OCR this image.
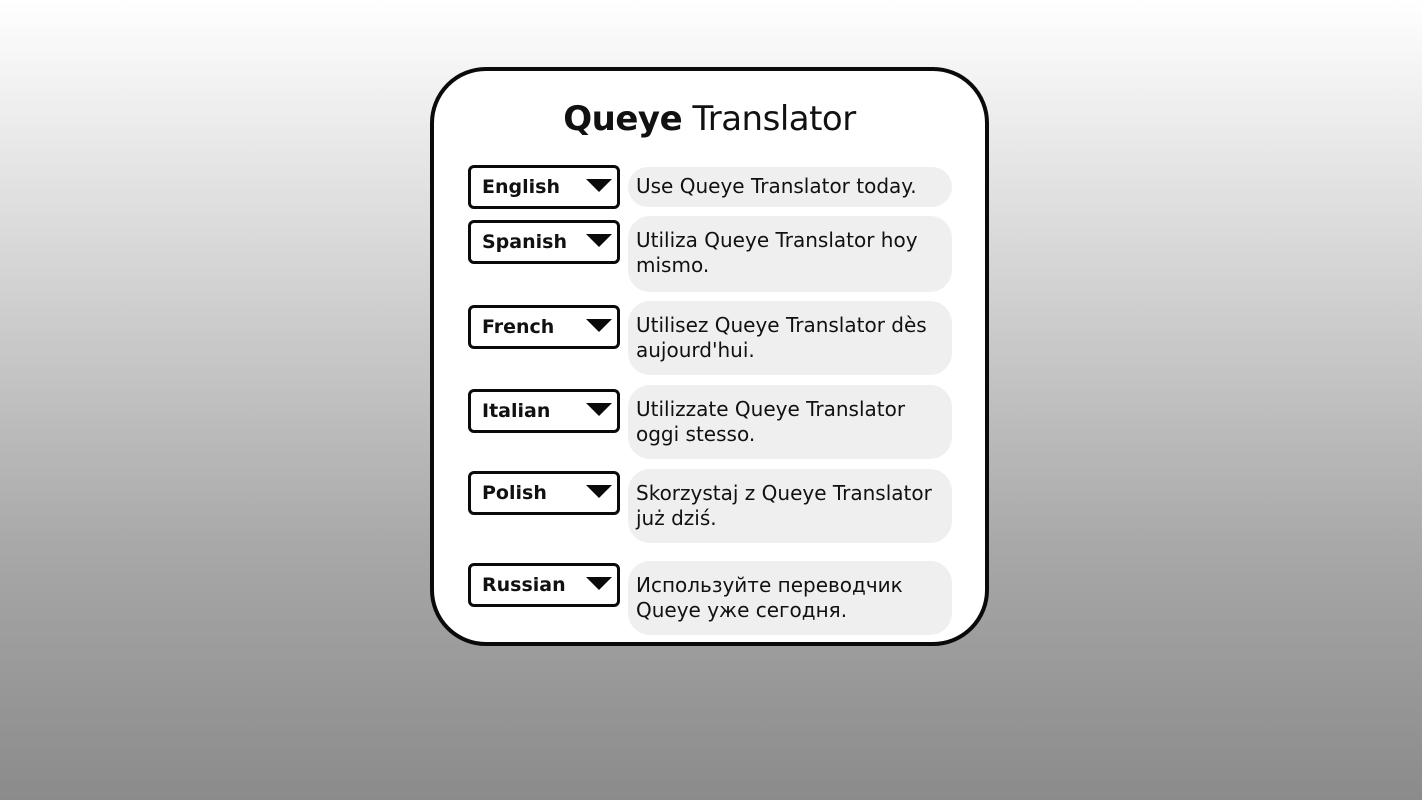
Queye Translator
English	Use Queye Translator today.
Spanish	Utiliza Queye Translator hoy mismo.
French	Utilisez Queye Translator dès aujourd'hui.
Italian	Utilizzate Queye Translator oggi stesso.
Polish	Skorzystaj z Queye Translator już dziś.
Russian	Используйте переводчик Queye уже сегодня.
